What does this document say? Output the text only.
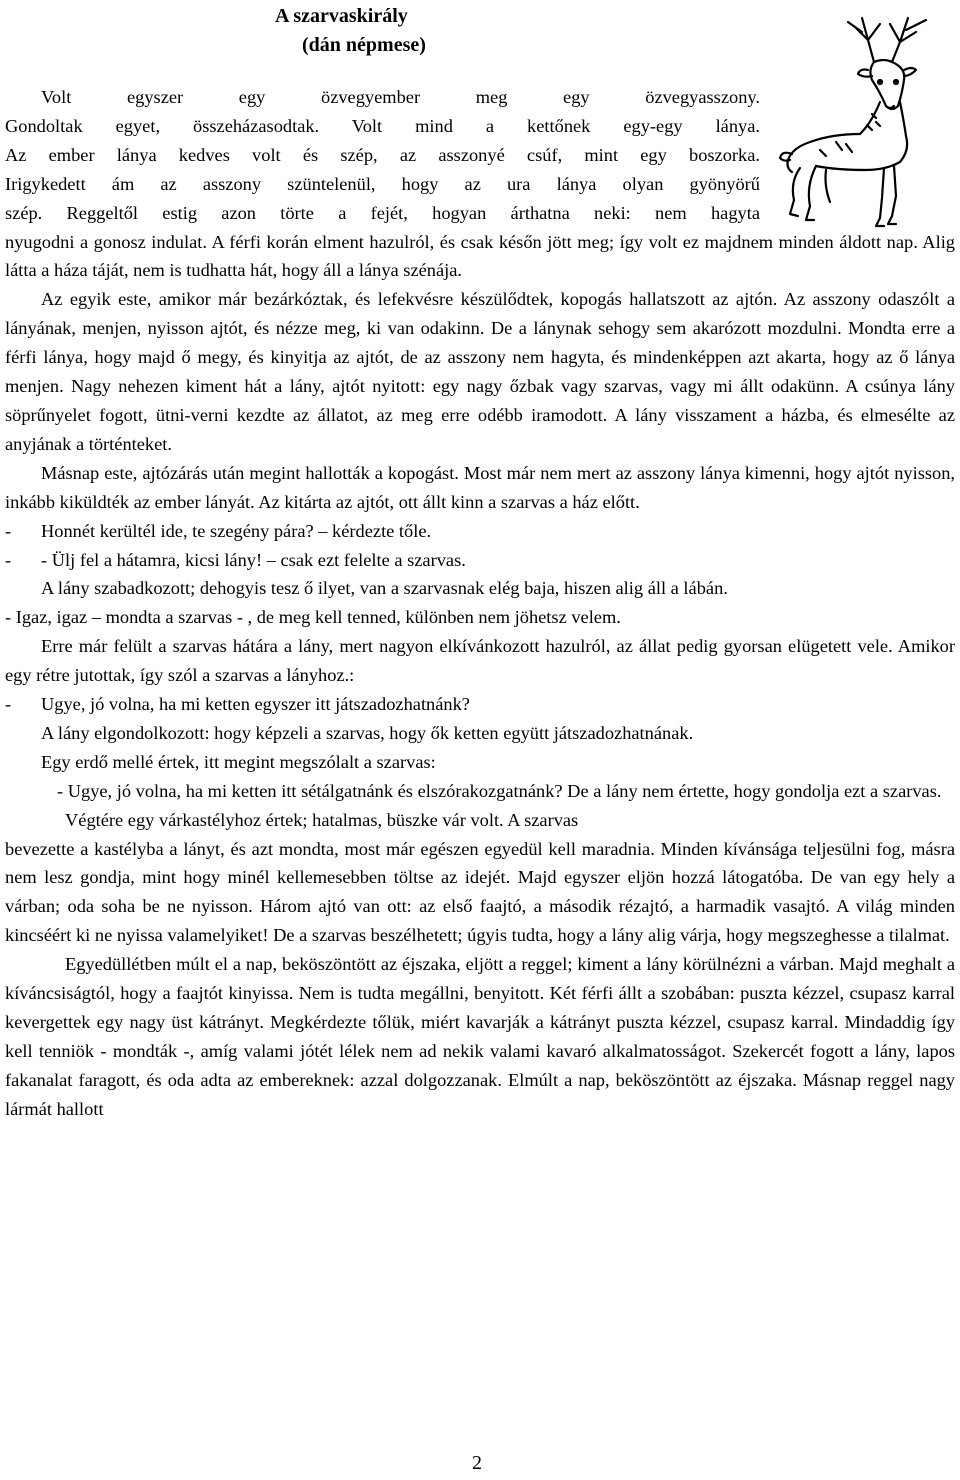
A szarvaskirály
(dán népmese)

Volt egyszer egy özvegyember meg egy özvegyasszony.

Gondoltak egyet, összeházasodtak. Volt mind a kettőnek egy-egy lánya.
Az ember lánya kedves volt és szép, az asszonyé csúf, mint egy boszorka.
Irigykedett ám az asszony szüntelenül, hogy az ura lánya olyan gyönyörű
szép. Reggeltől estig azon törte a fejét, hogyan árthatna neki: nem hagyta

nyugodni a gonosz indulat. A férfi korán elment hazulról, és csak későn jött meg; így volt ez majdnem minden áldott nap. Alig látta a háza táját, nem is tudhatta hát, hogy áll a lánya szénája.

Az egyik este, amikor már bezárkóztak, és lefekvésre készülődtek, kopogás hallatszott az ajtón. Az asszony odaszólt a lányának, menjen, nyisson ajtót, és nézze meg, ki van odakinn. De a lánynak sehogy sem akarózott mozdulni. Mondta erre a férfi lánya, hogy majd ő megy, és kinyitja az ajtót, de az asszony nem hagyta, és mindenképpen azt akarta, hogy az ő lánya menjen. Nagy nehezen kiment hát a lány, ajtót nyitott: egy nagy őzbak vagy szarvas, vagy mi állt odakünn. A csúnya lány söprűnyelet fogott, ütni-verni kezdte az állatot, az meg erre odébb iramodott. A lány visszament a házba, és elmesélte az anyjának a történteket.

Másnap este, ajtózárás után megint hallották a kopogást. Most már nem mert az asszony lánya kimenni, hogy ajtót nyisson, inkább kiküldték az ember lányát. Az kitárta az ajtót, ott állt kinn a szarvas a ház előtt.

- Honnét kerültél ide, te szegény pára? – kérdezte tőle.

- - Ülj fel a hátamra, kicsi lány! – csak ezt felelte a szarvas.

A lány szabadkozott; dehogyis tesz ő ilyet, van a szarvasnak elég baja, hiszen alig áll a lábán.

- Igaz, igaz – mondta a szarvas - , de meg kell tenned, különben nem jöhetsz velem.

Erre már felült a szarvas hátára a lány, mert nagyon elkívánkozott hazulról, az állat pedig gyorsan elügetett vele. Amikor egy rétre jutottak, így szól a szarvas a lányhoz.:

- Ugye, jó volna, ha mi ketten egyszer itt játszadozhatnánk?

A lány elgondolkozott: hogy képzeli a szarvas, hogy ők ketten együtt játszadozhatnának.

Egy erdő mellé értek, itt megint megszólalt a szarvas:

- Ugye, jó volna, ha mi ketten itt sétálgatnánk és elszórakozgatnánk? De a lány nem értette, hogy gondolja ezt a szarvas.

Végtére egy várkastélyhoz értek; hatalmas, büszke vár volt. A szarvas

bevezette a kastélyba a lányt, és azt mondta, most már egészen egyedül kell maradnia. Minden kívánsága teljesülni fog, másra nem lesz gondja, mint hogy minél kellemesebben töltse az idejét. Majd egyszer eljön hozzá látogatóba. De van egy hely a várban; oda soha be ne nyisson. Három ajtó van ott: az első faajtó, a második rézajtó, a harmadik vasajtó. A világ minden kincséért ki ne nyissa valamelyiket! De a szarvas beszélhetett; úgyis tudta, hogy a lány alig várja, hogy megszeghesse a tilalmat.

Egyedüllétben múlt el a nap, beköszöntött az éjszaka, eljött a reggel; kiment a lány körülnézni a várban. Majd meghalt a kíváncsiságtól, hogy a faajtót kinyissa. Nem is tudta megállni, benyitott. Két férfi állt a szobában: puszta kézzel, csupasz karral kevergettek egy nagy üst kátrányt. Megkérdezte tőlük, miért kavarják a kátrányt puszta kézzel, csupasz karral. Mindaddig így kell tenniök - mondták -, amíg valami jótét lélek nem ad nekik valami kavaró alkalmatosságot. Szekercét fogott a lány, lapos fakanalat faragott, és oda adta az embereknek: azzal dolgozzanak. Elmúlt a nap, beköszöntött az éjszaka. Másnap reggel nagy lármát hallott

2
